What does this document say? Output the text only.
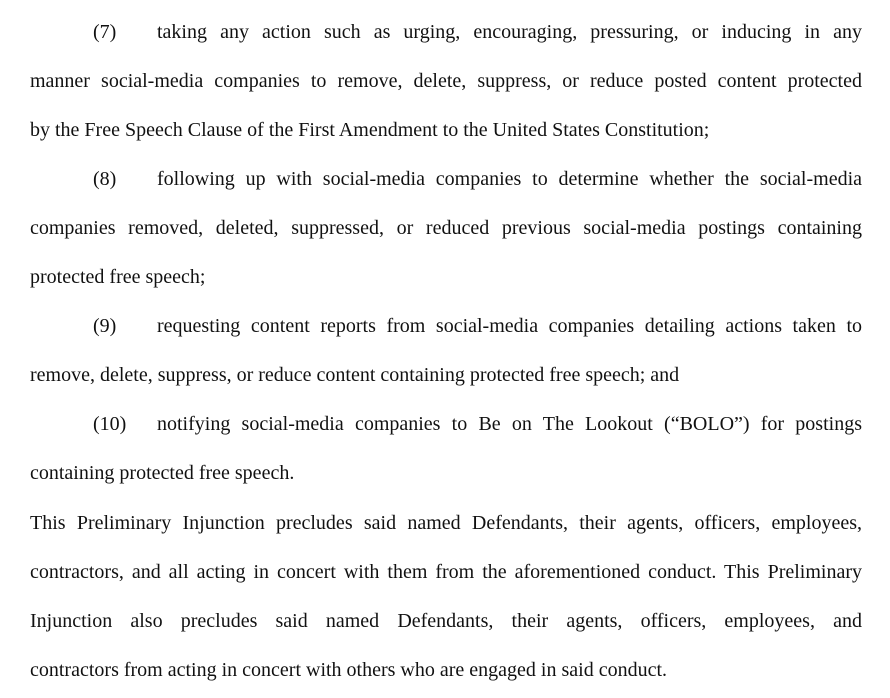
(7) taking any action such as urging, encouraging, pressuring, or inducing in any
manner social-media companies to remove, delete, suppress, or reduce posted content protected
by the Free Speech Clause of the First Amendment to the United States Constitution;
(8) following up with social-media companies to determine whether the social-media
companies removed, deleted, suppressed, or reduced previous social-media postings containing
protected free speech;
(9) requesting content reports from social-media companies detailing actions taken to
remove, delete, suppress, or reduce content containing protected free speech; and
(10) notifying social-media companies to Be on The Lookout (“BOLO”) for postings
containing protected free speech.
This Preliminary Injunction precludes said named Defendants, their agents, officers, employees,
contractors, and all acting in concert with them from the aforementioned conduct. This Preliminary
Injunction also precludes said named Defendants, their agents, officers, employees, and
contractors from acting in concert with others who are engaged in said conduct.
